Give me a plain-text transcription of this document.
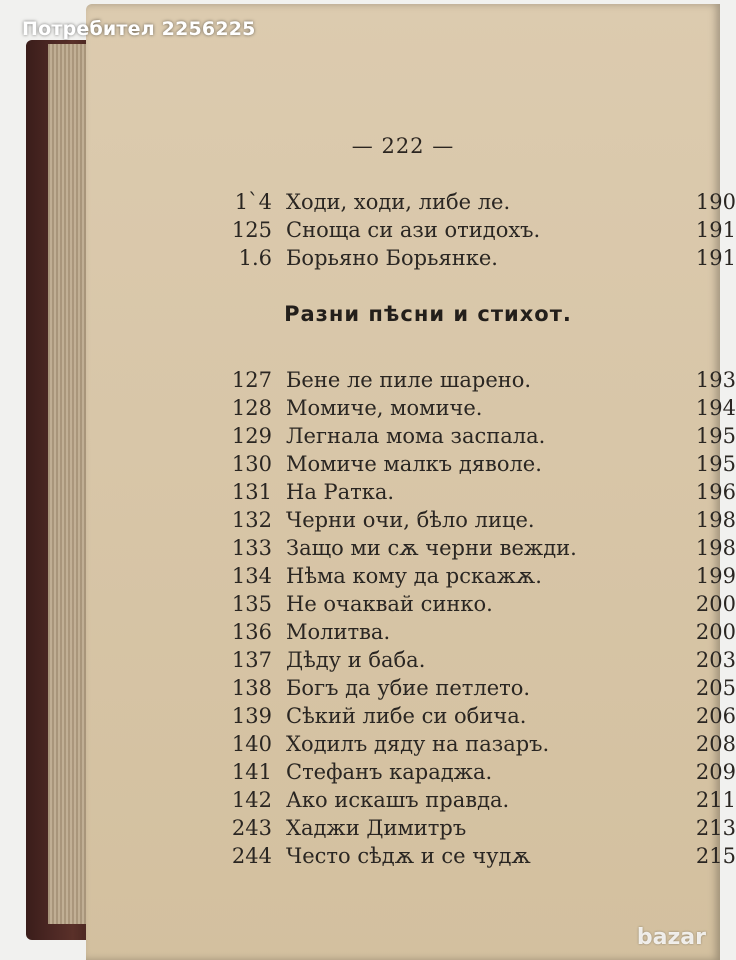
— 222 —
1`4 Ходи, ходи, либе ле.	190
125 Сноща си ази отидохъ.	191
1.6 Борьяно Борьянке.	191
Разни пѣсни и стихот.
127 Бене ле пиле шарено.	193
128 Момиче, момиче.	194
129 Легнала мома заспала.	195
130 Момиче малкъ дяволе.	195
131 На Ратка.	196
132 Черни очи, бѣло лице.	198
133 Защо ми сѫ черни вежди.	198
134 Нѣма кому да рскажѫ.	199
135 Не очаквай синко.	200
136 Молитва.	200
137 Дѣду и баба.	203
138 Богъ да убие петлето.	205
139 Сѣкий либе си обича.	206
140 Ходилъ дяду на пазаръ.	208
141 Стефанъ караджа.	209
142 Ако искашъ правда.	211
243 Хаджи Димитръ	213
244 Често сѣдѫ и се чудѫ	215
Потребител 2256225
bazar
